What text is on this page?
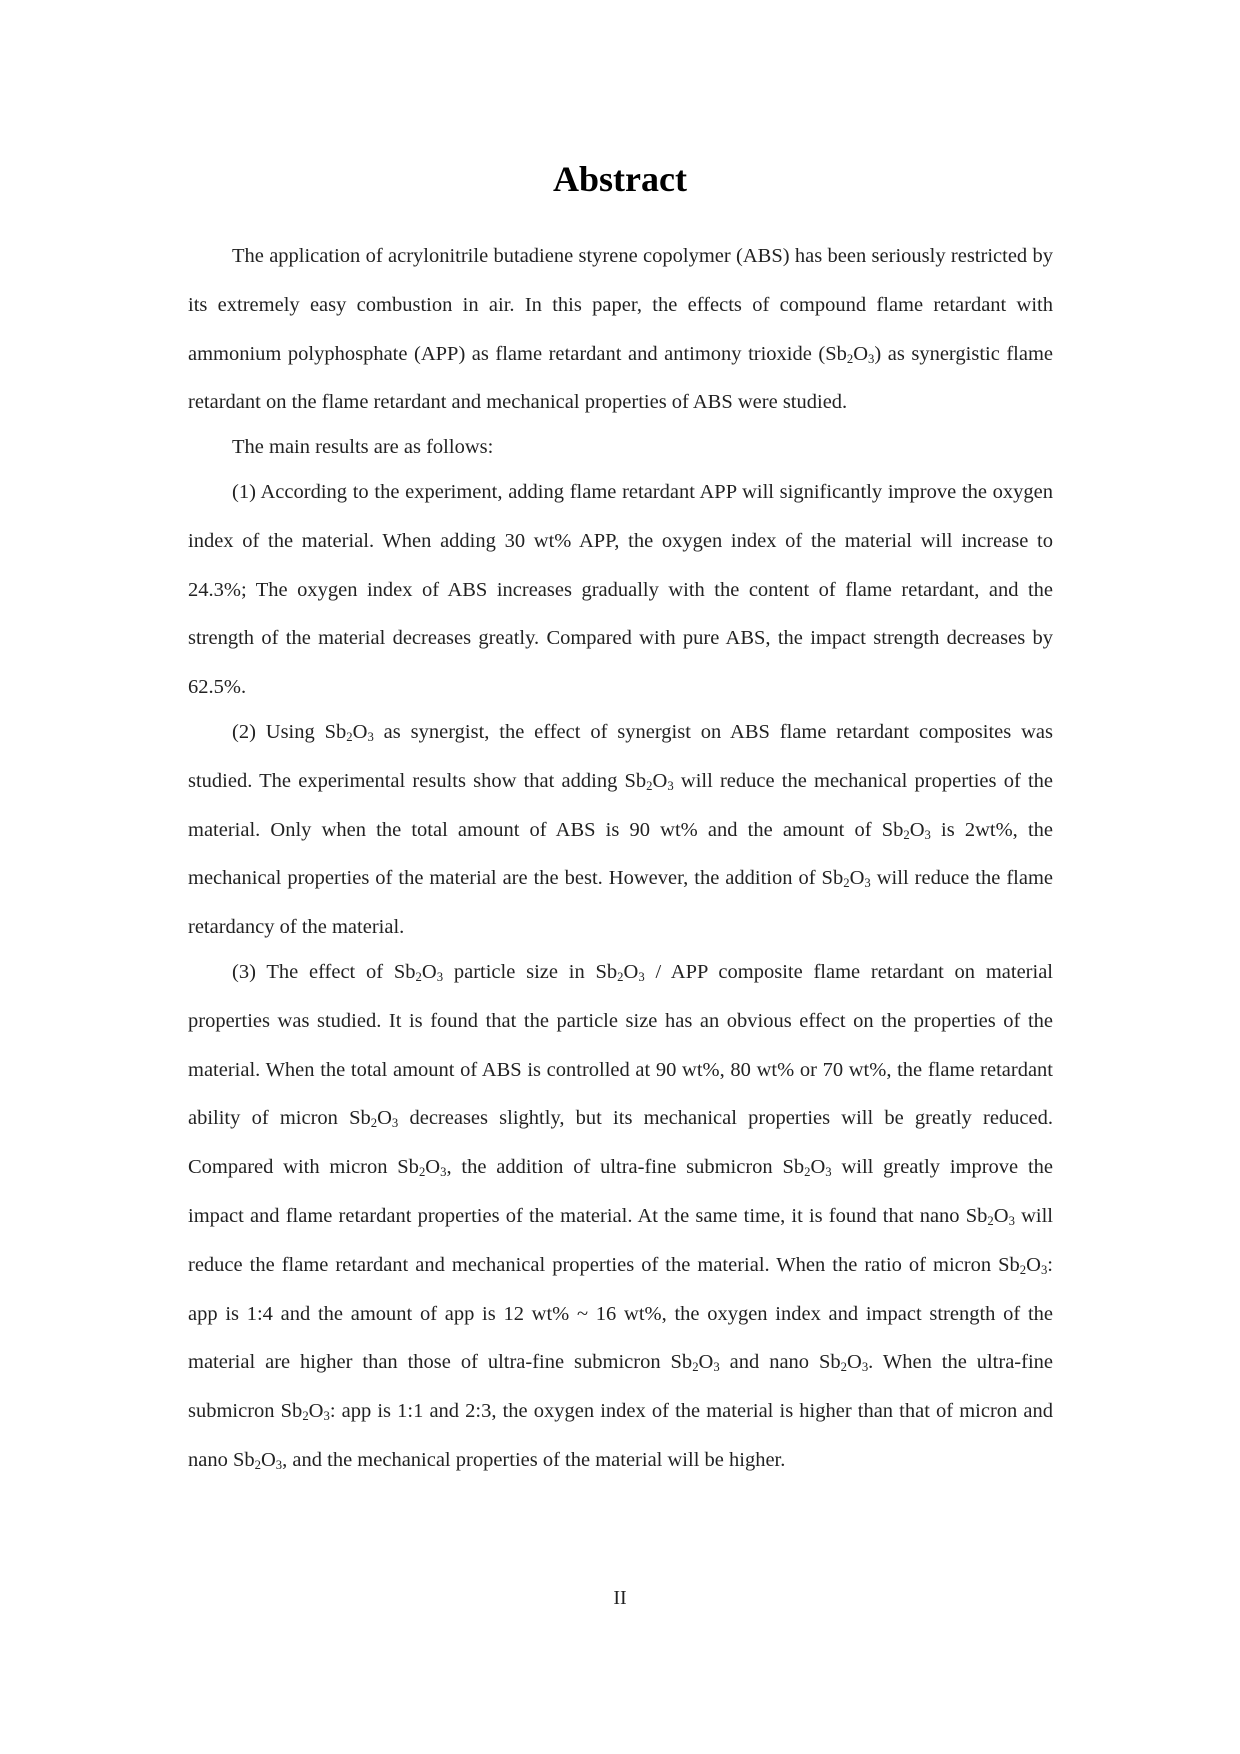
Abstract

The application of acrylonitrile butadiene styrene copolymer (ABS) has been seriously restricted by its extremely easy combustion in air. In this paper, the effects of compound flame retardant with ammonium polyphosphate (APP) as flame retardant and antimony trioxide $(Sb_2O_3)$ as synergistic flame retardant on the flame retardant and mechanical properties of ABS were studied.

The main results are as follows:

(1) According to the experiment, adding flame retardant APP will significantly improve the oxygen index of the material. When adding 30 wt% APP, the oxygen index of the material will increase to 24.3%; The oxygen index of ABS increases gradually with the content of flame retardant, and the strength of the material decreases greatly. Compared with pure ABS, the impact strength decreases by 62.5%.

(2) Using $Sb_2O_3$ as synergist, the effect of synergist on ABS flame retardant composites was studied. The experimental results show that adding $Sb_2O_3$ will reduce the mechanical properties of the material. Only when the total amount of ABS is 90 wt% and the amount of $Sb_2O_3$ is 2wt%, the mechanical properties of the material are the best. However, the addition of $Sb_2O_3$ will reduce the flame retardancy of the material.

(3) The effect of $Sb_2O_3$ particle size in $Sb_2O_3$ / APP composite flame retardant on material properties was studied. It is found that the particle size has an obvious effect on the properties of the material. When the total amount of ABS is controlled at 90 wt%, 80 wt% or 70 wt%, the flame retardant ability of micron $Sb_2O_3$ decreases slightly, but its mechanical properties will be greatly reduced. Compared with micron $Sb_2O_3$, the addition of ultra-fine submicron $Sb_2O_3$ will greatly improve the impact and flame retardant properties of the material. At the same time, it is found that nano $Sb_2O_3$ will reduce the flame retardant and mechanical properties of the material. When the ratio of micron $Sb_2O_3$: app is 1:4 and the amount of app is 12 wt% ~ 16 wt%, the oxygen index and impact strength of the material are higher than those of ultra-fine submicron $Sb_2O_3$ and nano $Sb_2O_3$. When the ultra-fine submicron $Sb_2O_3$: app is 1:1 and 2:3, the oxygen index of the material is higher than that of micron and nano $Sb_2O_3$, and the mechanical properties of the material will be higher.

II
